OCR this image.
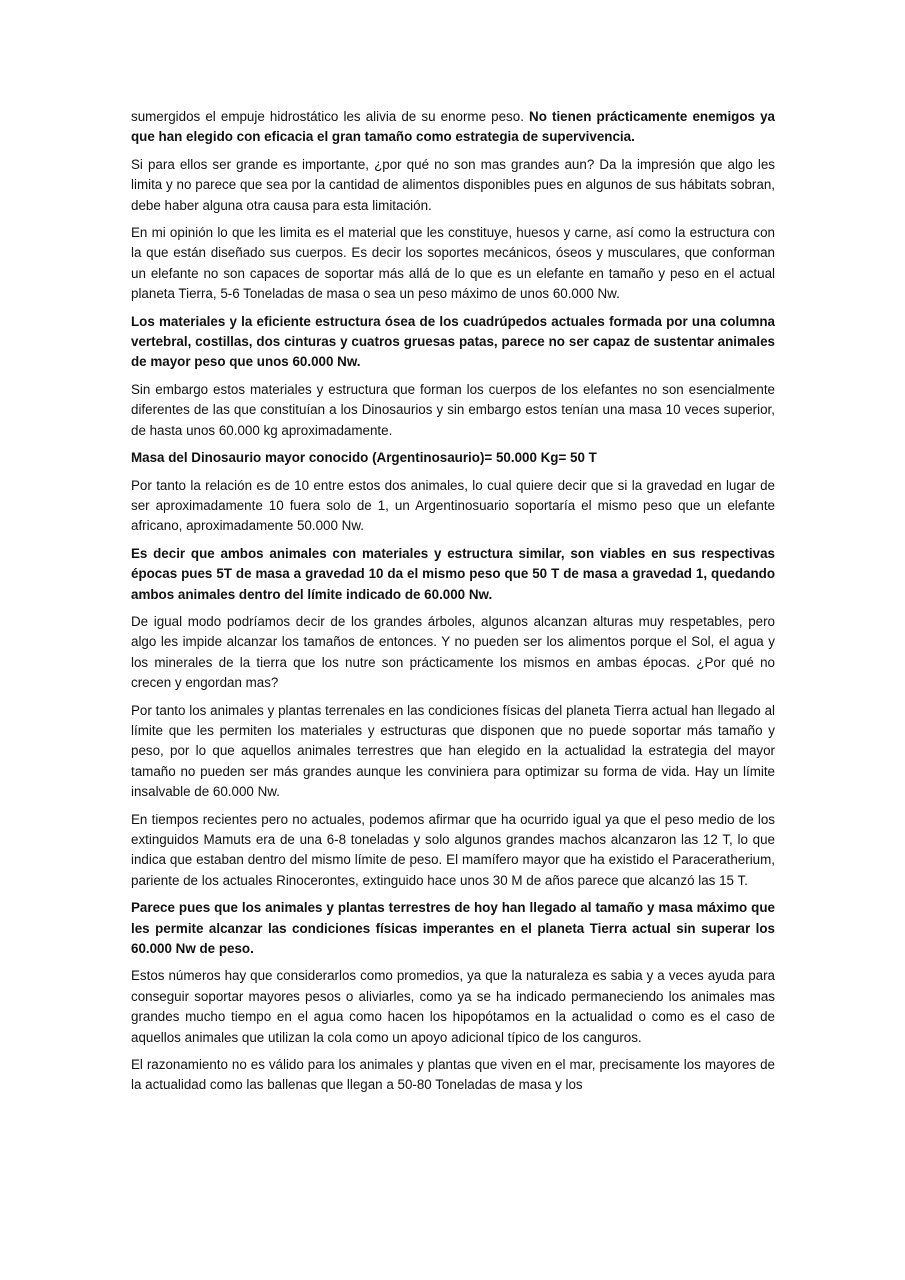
sumergidos el empuje hidrostático les alivia de su enorme peso. No tienen prácticamente enemigos ya que han elegido con eficacia el gran tamaño como estrategia de supervivencia.

Si para ellos ser grande es importante, ¿por qué no son mas grandes aun? Da la impresión que algo les limita y no parece que sea por la cantidad de alimentos disponibles pues en algunos de sus hábitats sobran, debe haber alguna otra causa para esta limitación.

En mi opinión lo que les limita es el material que les constituye, huesos y carne, así como la estructura con la que están diseñado sus cuerpos. Es decir los soportes mecánicos, óseos y musculares, que conforman un elefante no son capaces de soportar más allá de lo que es un elefante en tamaño y peso en el actual planeta Tierra, 5-6 Toneladas de masa o sea un peso máximo de unos 60.000 Nw.

Los materiales y la eficiente estructura ósea de los cuadrúpedos actuales formada por una columna vertebral, costillas, dos cinturas y cuatros gruesas patas, parece no ser capaz de sustentar animales de mayor peso que unos 60.000 Nw.

Sin embargo estos materiales y estructura que forman los cuerpos de los elefantes no son esencialmente diferentes de las que constituían a los Dinosaurios y sin embargo estos tenían una masa 10 veces superior, de hasta unos 60.000 kg aproximadamente.

Masa del Dinosaurio mayor conocido (Argentinosaurio)= 50.000 Kg= 50 T

Por tanto la relación es de 10 entre estos dos animales, lo cual quiere decir que si la gravedad en lugar de ser aproximadamente 10 fuera solo de 1, un Argentinosuario soportaría el mismo peso que un elefante africano, aproximadamente 50.000 Nw.

Es decir que ambos animales con materiales y estructura similar, son viables en sus respectivas épocas pues 5T de masa a gravedad 10 da el mismo peso que 50 T de masa a gravedad 1, quedando ambos animales dentro del límite indicado de 60.000 Nw.

De igual modo podríamos decir de los grandes árboles, algunos alcanzan alturas muy respetables, pero algo les impide alcanzar los tamaños de entonces. Y no pueden ser los alimentos porque el Sol, el agua y los minerales de la tierra que los nutre son prácticamente los mismos en ambas épocas. ¿Por qué no crecen y engordan mas?

Por tanto los animales y plantas terrenales en las condiciones físicas del planeta Tierra actual han llegado al límite que les permiten los materiales y estructuras que disponen que no puede soportar más tamaño y peso, por lo que aquellos animales terrestres que han elegido en la actualidad la estrategia del mayor tamaño no pueden ser más grandes aunque les conviniera para optimizar su forma de vida. Hay un límite insalvable de 60.000 Nw.

En tiempos recientes pero no actuales, podemos afirmar que ha ocurrido igual ya que el peso medio de los extinguidos Mamuts era de una 6-8 toneladas y solo algunos grandes machos alcanzaron las 12 T, lo que indica que estaban dentro del mismo límite de peso. El mamífero mayor que ha existido el Paraceratherium, pariente de los actuales Rinocerontes, extinguido hace unos 30 M de años parece que alcanzó las 15 T.

Parece pues que los animales y plantas terrestres de hoy han llegado al tamaño y masa máximo que les permite alcanzar las condiciones físicas imperantes en el planeta Tierra actual sin superar los 60.000 Nw de peso.

Estos números hay que considerarlos como promedios, ya que la naturaleza es sabia y a veces ayuda para conseguir soportar mayores pesos o aliviarles, como ya se ha indicado permaneciendo los animales mas grandes mucho tiempo en el agua como hacen los hipopótamos en la actualidad o como es el caso de aquellos animales que utilizan la cola como un apoyo adicional típico de los canguros.

El razonamiento no es válido para los animales y plantas que viven en el mar, precisamente los mayores de la actualidad como las ballenas que llegan a 50-80 Toneladas de masa y los
